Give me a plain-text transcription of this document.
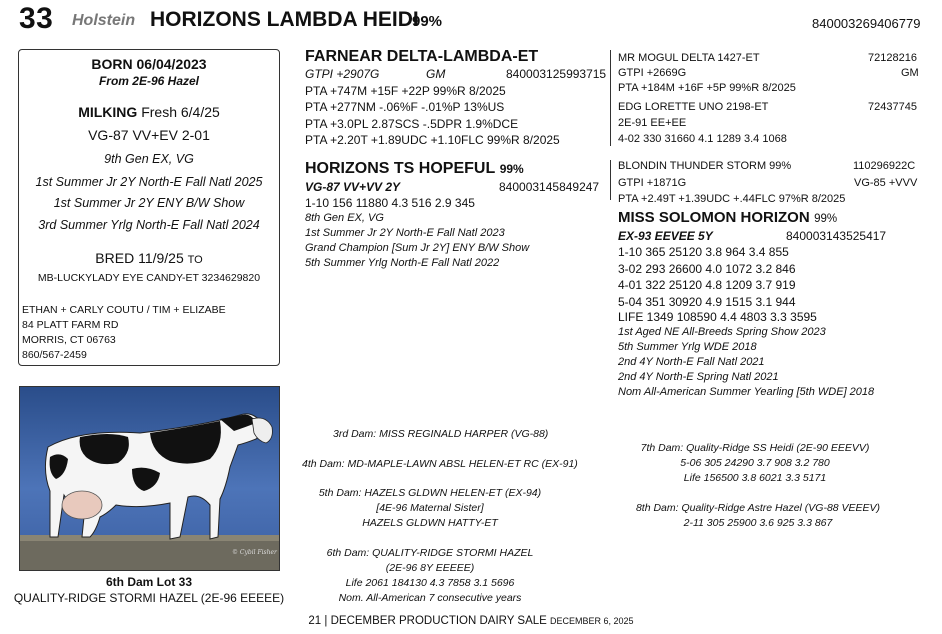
33 Holstein HORIZONS LAMBDA HEIDI
99%	840003269406779
BORN 06/04/2023
From 2E-96 Hazel
MILKING Fresh 6/4/25
VG-87 VV+EV 2-01
9th Gen EX, VG
1st Summer Jr 2Y North-E Fall Natl 2025
1st Summer Jr 2Y ENY B/W Show
3rd Summer Yrlg North-E Fall Natl 2024
BRED 11/9/25 TO
MB-LUCKYLADY EYE CANDY-ET 3234629820
ETHAN + CARLY COUTU / TIM + ELIZABE
84 PLATT FARM RD
MORRIS, CT 06763
860/567-2459
FARNEAR DELTA-LAMBDA-ET
GTPI +2907G	GM	840003125993715
PTA +747M +15F +22P 99%R 8/2025
PTA +277NM -.06%F -.01%P 13%US
PTA +3.0PL 2.87SCS -.5DPR 1.9%DCE
PTA +2.20T +1.89UDC +1.10FLC 99%R 8/2025
HORIZONS TS HOPEFUL 99%
VG-87 VV+VV 2Y	840003145849247
1-10 156 11880 4.3 516 2.9 345
8th Gen EX, VG
1st Summer Jr 2Y North-E Fall Natl 2023
Grand Champion [Sum Jr 2Y] ENY B/W Show
5th Summer Yrlg North-E Fall Natl 2022
MR MOGUL DELTA 1427-ET	72128216
GTPI +2669G	GM
PTA +184M +16F +5P 99%R 8/2025
EDG LORETTE UNO 2198-ET	72437745
2E-91 EE+EE
4-02 330 31660 4.1 1289 3.4 1068
BLONDIN THUNDER STORM 99%	110296922C
GTPI +1871G	VG-85 +VVV
PTA +2.49T +1.39UDC +.44FLC 97%R 8/2025
MISS SOLOMON HORIZON 99%
EX-93 EEVEE 5Y	840003143525417
1-10 365 25120 3.8 964 3.4 855
3-02 293 26600 4.0 1072 3.2 846
4-01 322 25120 4.8 1209 3.7 919
5-04 351 30920 4.9 1515 3.1 944
LIFE 1349 108590 4.4 4803 3.3 3595
1st Aged NE All-Breeds Spring Show 2023
5th Summer Yrlg WDE 2018
2nd 4Y North-E Fall Natl 2021
2nd 4Y North-E Spring Natl 2021
Nom All-American Summer Yearling [5th WDE] 2018
© Cybil Fisher
6th Dam Lot 33
QUALITY-RIDGE STORMI HAZEL (2E-96 EEEEE)
3rd Dam: MISS REGINALD HARPER (VG-88)
4th Dam: MD-MAPLE-LAWN ABSL HELEN-ET RC (EX-91)
5th Dam: HAZELS GLDWN HELEN-ET (EX-94)
[4E-96 Maternal Sister]
HAZELS GLDWN HATTY-ET
6th Dam: QUALITY-RIDGE STORMI HAZEL
(2E-96 8Y EEEEE)
Life 2061 184130 4.3 7858 3.1 5696
Nom. All-American 7 consecutive years
7th Dam: Quality-Ridge SS Heidi (2E-90 EEEVV)
5-06 305 24290 3.7 908 3.2 780
Life 156500 3.8 6021 3.3 5171
8th Dam: Quality-Ridge Astre Hazel (VG-88 VEEEV)
2-11 305 25900 3.6 925 3.3 867
21 | DECEMBER PRODUCTION DAIRY SALE DECEMBER 6, 2025
